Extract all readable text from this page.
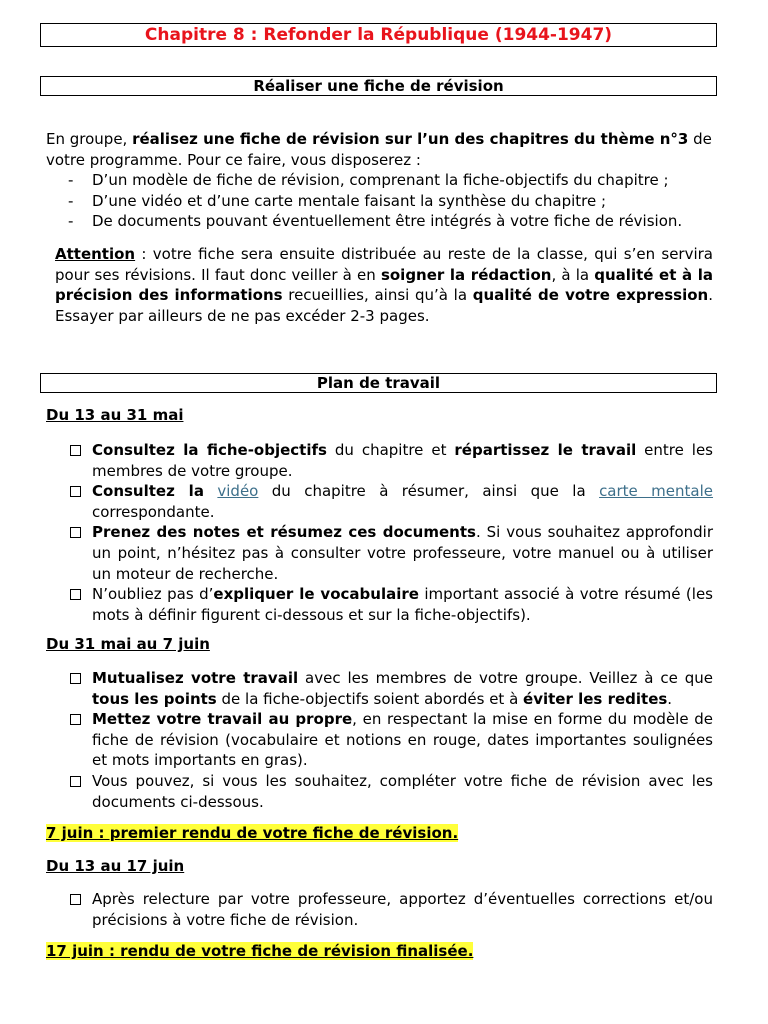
Chapitre 8 : Refonder la République (1944-1947)
Réaliser une fiche de révision
En groupe, réalisez une fiche de révision sur l’un des chapitres du thème n°3 de votre programme. Pour ce faire, vous disposerez :
- D’un modèle de fiche de révision, comprenant la fiche-objectifs du chapitre ;
- D’une vidéo et d’une carte mentale faisant la synthèse du chapitre ;
- De documents pouvant éventuellement être intégrés à votre fiche de révision.
Attention : votre fiche sera ensuite distribuée au reste de la classe, qui s’en servira pour ses révisions. Il faut donc veiller à en soigner la rédaction, à la qualité et à la précision des informations recueillies, ainsi qu’à la qualité de votre expression. Essayer par ailleurs de ne pas excéder 2-3 pages.
Plan de travail
Du 13 au 31 mai
Consultez la fiche-objectifs du chapitre et répartissez le travail entre les membres de votre groupe.
Consultez la vidéo du chapitre à résumer, ainsi que la carte mentale correspondante.
Prenez des notes et résumez ces documents. Si vous souhaitez approfondir un point, n’hésitez pas à consulter votre professeure, votre manuel ou à utiliser un moteur de recherche.
N’oubliez pas d’expliquer le vocabulaire important associé à votre résumé (les mots à définir figurent ci-dessous et sur la fiche-objectifs).
Du 31 mai au 7 juin
Mutualisez votre travail avec les membres de votre groupe. Veillez à ce que tous les points de la fiche-objectifs soient abordés et à éviter les redites.
Mettez votre travail au propre, en respectant la mise en forme du modèle de fiche de révision (vocabulaire et notions en rouge, dates importantes soulignées et mots importants en gras).
Vous pouvez, si vous les souhaitez, compléter votre fiche de révision avec les documents ci-dessous.
7 juin : premier rendu de votre fiche de révision.
Du 13 au 17 juin
Après relecture par votre professeure, apportez d’éventuelles corrections et/ou précisions à votre fiche de révision.
17 juin : rendu de votre fiche de révision finalisée.
